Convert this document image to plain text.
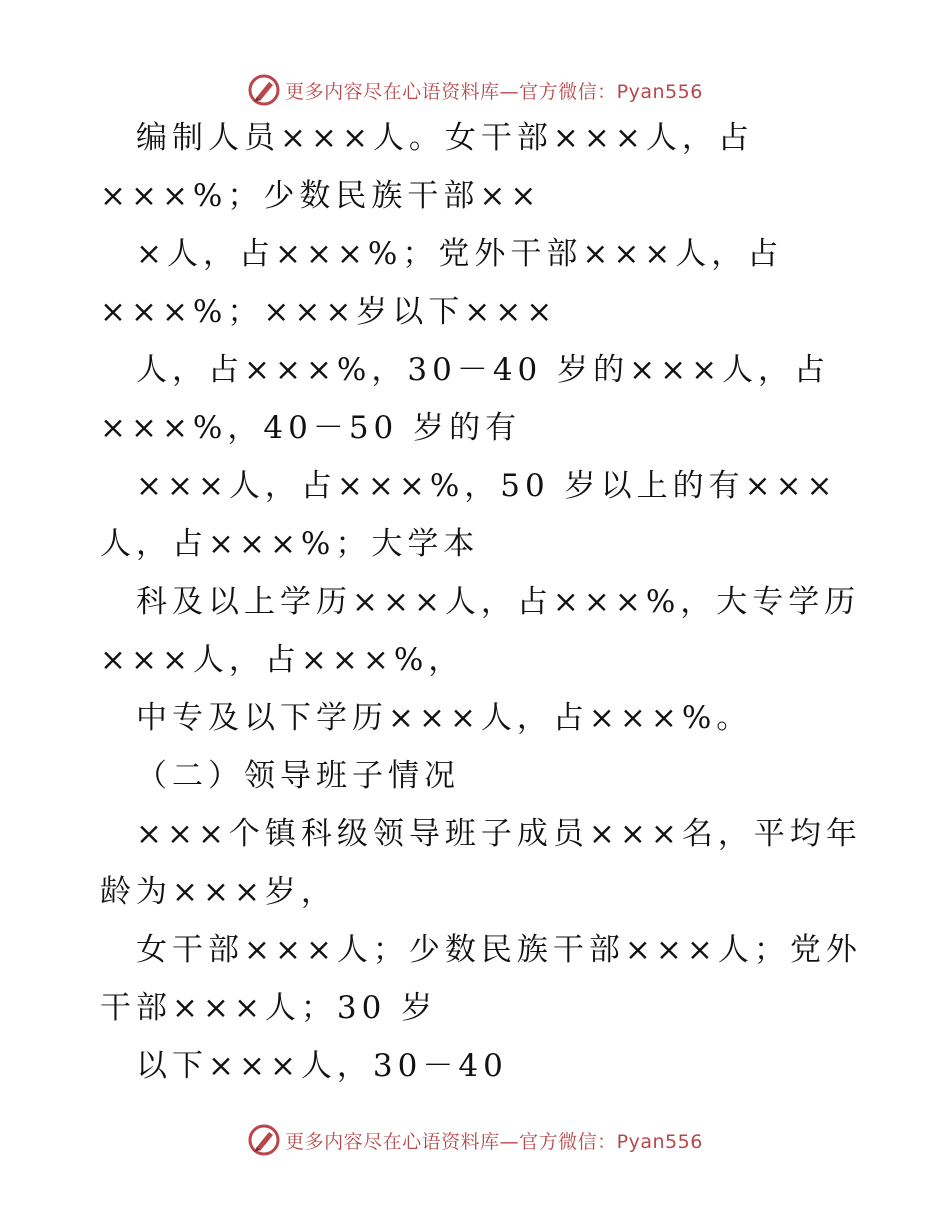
更多内容尽在心语资料库—官方微信：Pyan556
编制人员×××人。女干部×××人，占
×××%；少数民族干部××
×人，占×××%；党外干部×××人，占
×××%；×××岁以下×××
人，占×××%，30－40 岁的×××人，占
×××%，40－50 岁的有
×××人，占×××%，50 岁以上的有×××
人，占×××%；大学本
科及以上学历×××人，占×××%，大专学历
×××人，占×××%，
中专及以下学历×××人，占×××%。
（二）领导班子情况
×××个镇科级领导班子成员×××名，平均年
龄为×××岁，
女干部×××人；少数民族干部×××人；党外
干部×××人；30 岁
以下×××人，30－40
更多内容尽在心语资料库—官方微信：Pyan556
